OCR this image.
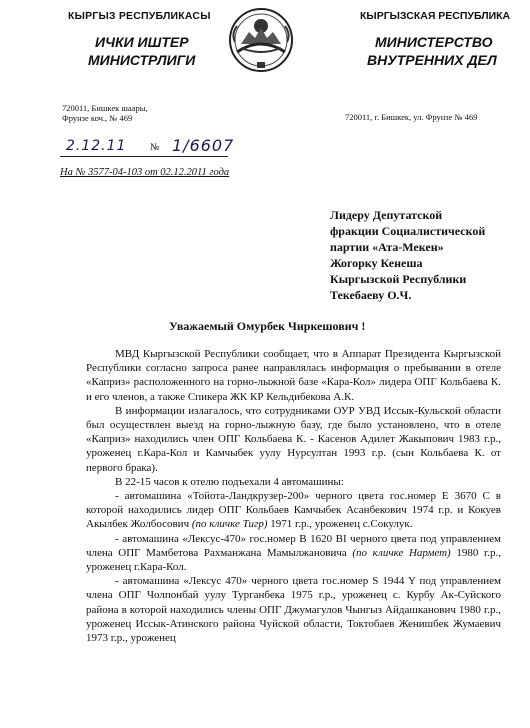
КЫРГЫЗ РЕСПУБЛИКАСЫ
ИЧКИ ИШТЕР
МИНИСТРЛИГИ
КЫРГЫЗСКАЯ РЕСПУБЛИКА
МИНИСТЕРСТВО
ВНУТРЕННИХ ДЕЛ
720011, Бишкек шаары,
Фрунзе коч., № 469	720011, г. Бишкек, ул. Фрунзе № 469
2.12.11 № 1/6607
На № 3577-04-103 от 02.12.2011 года
Лидеру Депутатской
фракции Социалистической
партии «Ата-Мекен»
Жогорку Кенеша
Кыргызской Республики
Текебаеву О.Ч.
Уважаемый Омурбек Чиркешович !

МВД Кыргызской Республики сообщает, что в Аппарат Президента Кыргызской Республики согласно запроса ранее направлялась информация о пребывании в отеле «Каприз» расположенного на горно-лыжной базе «Кара-Кол» лидера ОПГ Кольбаева К. и его членов, а также Спикера ЖК КР Кельдибекова А.К.

В информации излагалось, что сотрудниками ОУР УВД Иссык-Кульской области был осуществлен выезд на горно-лыжную базу, где было установлено, что в отеле «Каприз» находились член ОПГ Кольбаева К. - Касенов Адилет Жакыпович 1983 г.р., уроженец г.Кара-Кол и Камчыбек уулу Нурсултан 1993 г.р. (сын Кольбаева К. от первого брака).

В 22-15 часов к отелю подъехали 4 автомашины:

- автомашина «Тойота-Ландкрузер-200» черного цвета гос.номер Е 3670 С в которой находились лидер ОПГ Кольбаев Камчыбек Асанбекович 1974 г.р. и Кокуев Акылбек Жолбосович (по кличке Тигр) 1971 г.р., уроженец с.Сокулук.

- автомашина «Лексус-470» гос.номер В 1620 BI черного цвета под управлением члена ОПГ Мамбетова Рахманжана Мамылжановича (по кличке Нармет) 1980 г.р., уроженец г.Кара-Кол.

- автомашина «Лексус 470» черного цвета гос.номер S 1944 Y под управлением члена ОПГ Чолпонбай уулу Турганбека 1975 г.р., уроженец с. Курбу Ак-Суйского района в которой находились члены ОПГ Джумагулов Чынгыз Айдашканович 1980 г.р., уроженец Иссык-Атинского района Чуйской области, Токтобаев Женишбек Жумаевич 1973 г.р., уроженец
